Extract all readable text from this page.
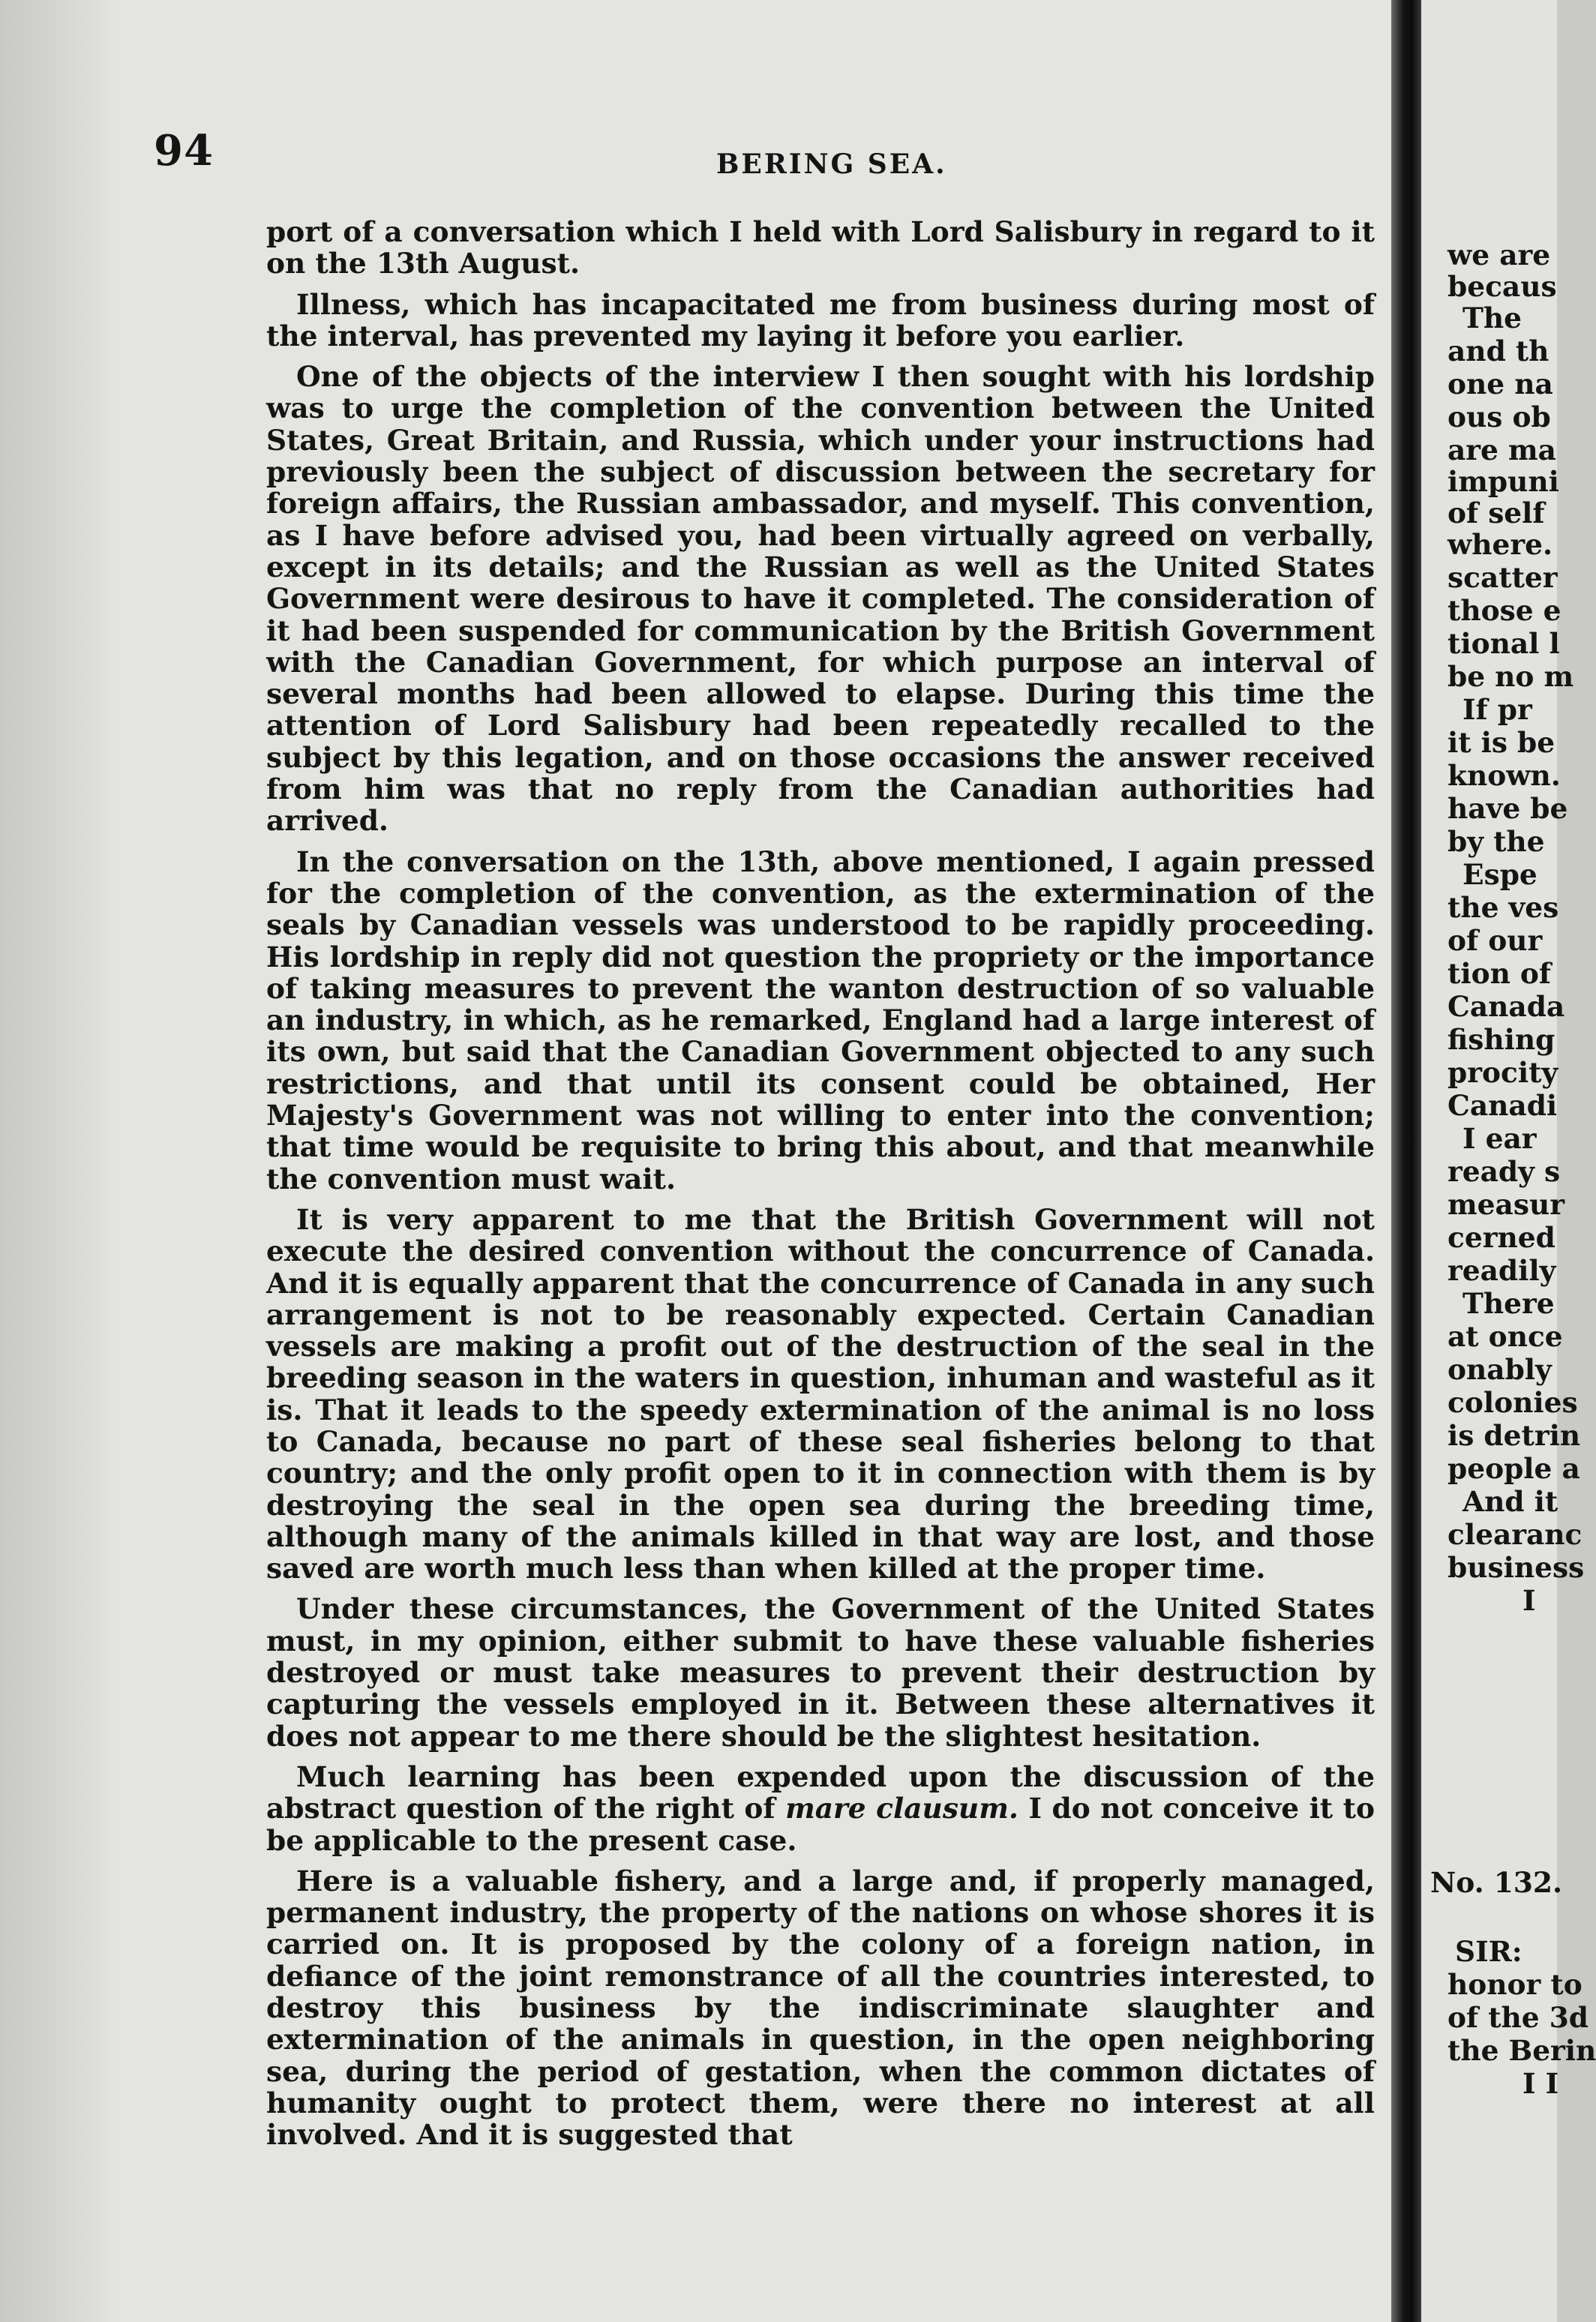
we are
becaus
The
and th
one na
ous ob
are ma
impuni
of self
where.
scatter
those e
tional l
be no m
If pr
it is be
known.
have be
by the
Espe
the ves
of our
tion of
Canada
fishing
procity
Canadi
I ear
ready s
measur
cerned
readily
There
at once
onably
colonies
is detrin
people a
And it
clearanc
business
I
No. 132.
SIR:
honor to
of the 3d
the Berin
I I
94	BERING SEA.

port of a conversation which I held with Lord Salisbury in regard to it on the 13th August.

Illness, which has incapacitated me from business during most of the interval, has prevented my laying it before you earlier.

One of the objects of the interview I then sought with his lordship was to urge the completion of the convention between the United States, Great Britain, and Russia, which under your instructions had previously been the subject of discussion between the secretary for foreign affairs, the Russian ambassador, and myself. This convention, as I have before advised you, had been virtually agreed on verbally, except in its details; and the Russian as well as the United States Government were desirous to have it completed. The consideration of it had been suspended for communication by the British Government with the Canadian Government, for which purpose an interval of several months had been allowed to elapse. During this time the attention of Lord Salisbury had been repeatedly recalled to the subject by this legation, and on those occasions the answer received from him was that no reply from the Canadian authorities had arrived.

In the conversation on the 13th, above mentioned, I again pressed for the completion of the convention, as the extermination of the seals by Canadian vessels was understood to be rapidly proceeding. His lordship in reply did not question the propriety or the importance of taking measures to prevent the wanton destruction of so valuable an industry, in which, as he remarked, England had a large interest of its own, but said that the Canadian Government objected to any such restrictions, and that until its consent could be obtained, Her Majesty's Government was not willing to enter into the convention; that time would be requisite to bring this about, and that meanwhile the convention must wait.

It is very apparent to me that the British Government will not execute the desired convention without the concurrence of Canada. And it is equally apparent that the concurrence of Canada in any such arrangement is not to be reasonably expected. Certain Canadian vessels are making a profit out of the destruction of the seal in the breeding season in the waters in question, inhuman and wasteful as it is. That it leads to the speedy extermination of the animal is no loss to Canada, because no part of these seal fisheries belong to that country; and the only profit open to it in connection with them is by destroying the seal in the open sea during the breeding time, although many of the animals killed in that way are lost, and those saved are worth much less than when killed at the proper time.

Under these circumstances, the Government of the United States must, in my opinion, either submit to have these valuable fisheries destroyed or must take measures to prevent their destruction by capturing the vessels employed in it. Between these alternatives it does not appear to me there should be the slightest hesitation.

Much learning has been expended upon the discussion of the abstract question of the right of mare clausum. I do not conceive it to be applicable to the present case.

Here is a valuable fishery, and a large and, if properly managed, permanent industry, the property of the nations on whose shores it is carried on. It is proposed by the colony of a foreign nation, in defiance of the joint remonstrance of all the countries interested, to destroy this business by the indiscriminate slaughter and extermination of the animals in question, in the open neighboring sea, during the period of gestation, when the common dictates of humanity ought to protect them, were there no interest at all involved. And it is suggested that
